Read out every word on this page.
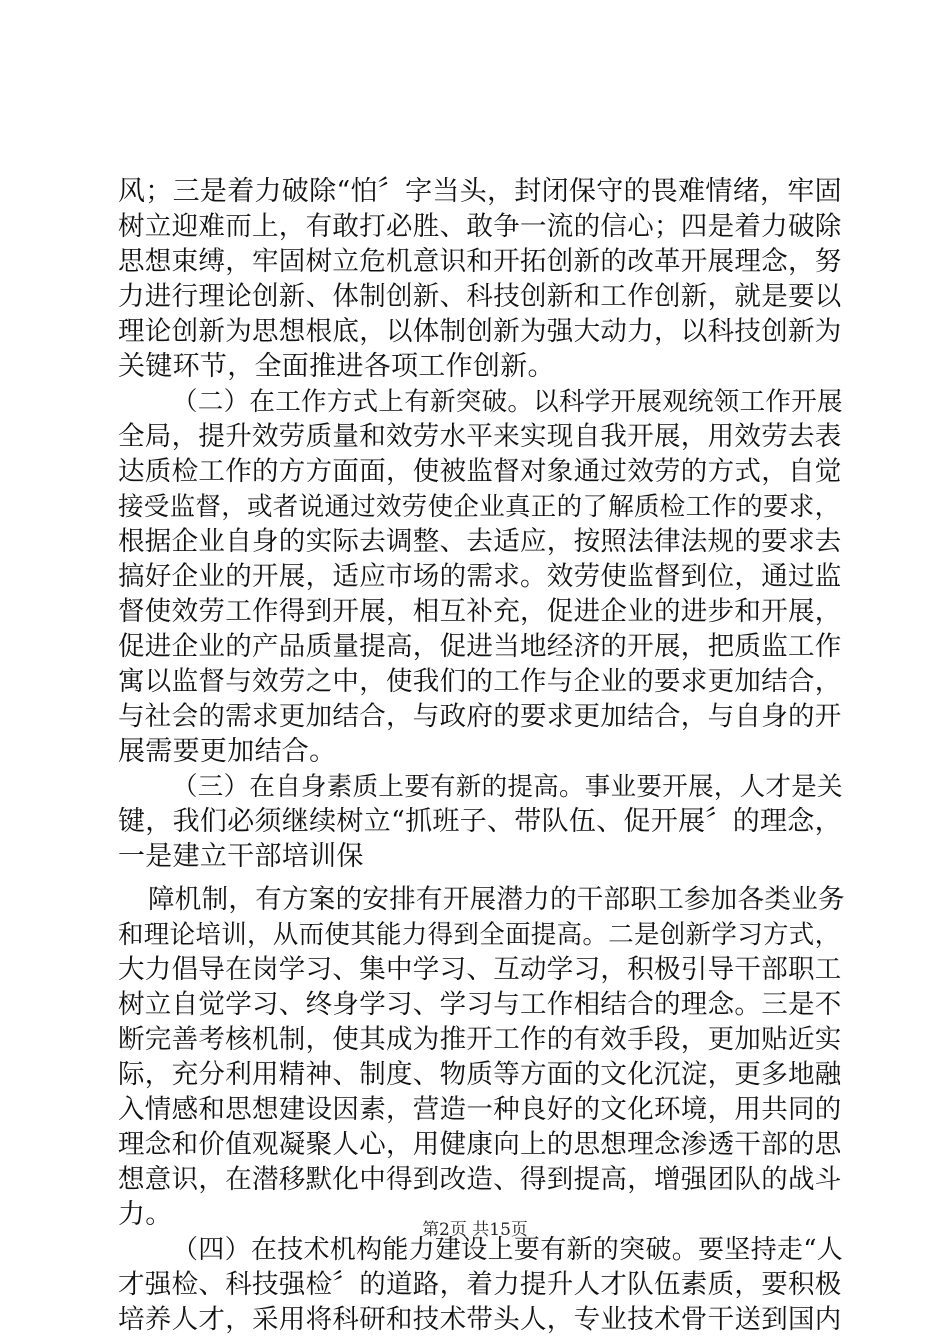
风；三是着力破除“怕〞字当头，封闭保守的畏难情绪，牢固
树立迎难而上，有敢打必胜、敢争一流的信心；四是着力破除
思想束缚，牢固树立危机意识和开拓创新的改革开展理念，努
力进行理论创新、体制创新、科技创新和工作创新，就是要以
理论创新为思想根底，以体制创新为强大动力，以科技创新为
关键环节，全面推进各项工作创新。
（二）在工作方式上有新突破。以科学开展观统领工作开展
全局，提升效劳质量和效劳水平来实现自我开展，用效劳去表
达质检工作的方方面面，使被监督对象通过效劳的方式，自觉
接受监督，或者说通过效劳使企业真正的了解质检工作的要求，
根据企业自身的实际去调整、去适应，按照法律法规的要求去
搞好企业的开展，适应市场的需求。效劳使监督到位，通过监
督使效劳工作得到开展，相互补充，促进企业的进步和开展，
促进企业的产品质量提高，促进当地经济的开展，把质监工作
寓以监督与效劳之中，使我们的工作与企业的要求更加结合，
与社会的需求更加结合，与政府的要求更加结合，与自身的开
展需要更加结合。
（三）在自身素质上要有新的提高。事业要开展，人才是关
键，我们必须继续树立“抓班子、带队伍、促开展〞的理念，
一是建立干部培训保
障机制，有方案的安排有开展潜力的干部职工参加各类业务
和理论培训，从而使其能力得到全面提高。二是创新学习方式，
大力倡导在岗学习、集中学习、互动学习，积极引导干部职工
树立自觉学习、终身学习、学习与工作相结合的理念。三是不
断完善考核机制，使其成为推开工作的有效手段，更加贴近实
际，充分利用精神、制度、物质等方面的文化沉淀，更多地融
入情感和思想建设因素，营造一种良好的文化环境，用共同的
理念和价值观凝聚人心，用健康向上的思想理念渗透干部的思
想意识，在潜移默化中得到改造、得到提高，增强团队的战斗
力。
（四）在技术机构能力建设上要有新的突破。要坚持走“人
才强检、科技强检〞的道路，着力提升人才队伍素质，要积极
培养人才，采用将科研和技术带头人，专业技术骨干送到国内
第2页 共15页
